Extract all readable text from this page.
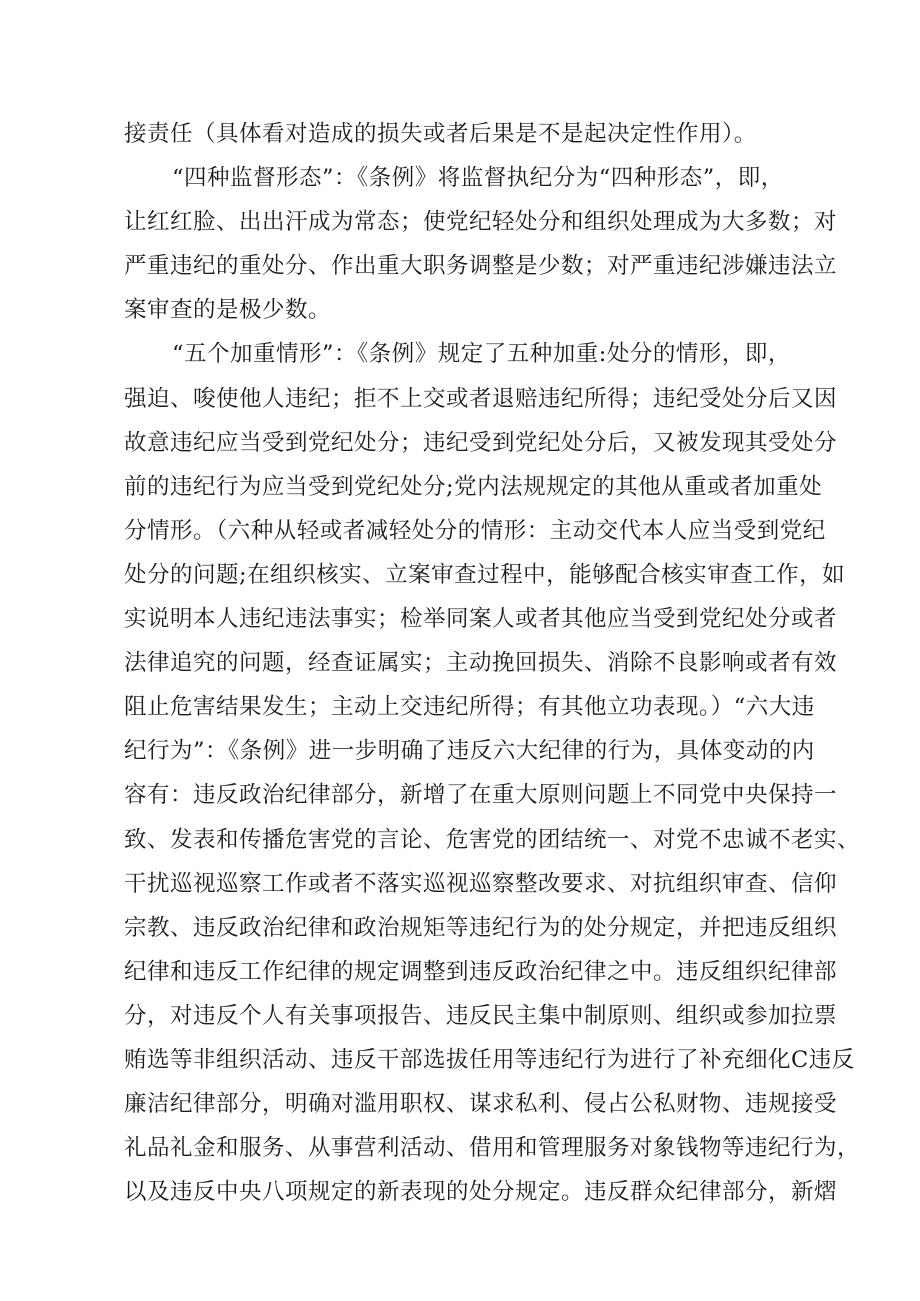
接责任（具体看对造成的损失或者后果是不是起决定性作用）。
“四种监督形态”：《条例》将监督执纪分为“四种形态”，即，
让红红脸、出出汗成为常态；使党纪轻处分和组织处理成为大多数；对
严重违纪的重处分、作出重大职务调整是少数；对严重违纪涉嫌违法立
案审查的是极少数。
“五个加重情形”：《条例》规定了五种加重:处分的情形，即，
强迫、唆使他人违纪；拒不上交或者退赔违纪所得；违纪受处分后又因
故意违纪应当受到党纪处分；违纪受到党纪处分后，又被发现其受处分
前的违纪行为应当受到党纪处分;党内法规规定的其他从重或者加重处
分情形。（六种从轻或者减轻处分的情形：主动交代本人应当受到党纪
处分的问题;在组织核实、立案审查过程中，能够配合核实审查工作，如
实说明本人违纪违法事实；检举同案人或者其他应当受到党纪处分或者
法律追究的问题，经查证属实；主动挽回损失、消除不良影响或者有效
阻止危害结果发生；主动上交违纪所得；有其他立功表现。）“六大违
纪行为”：《条例》进一步明确了违反六大纪律的行为，具体变动的内
容有：违反政治纪律部分，新增了在重大原则问题上不同党中央保持一
致、发表和传播危害党的言论、危害党的团结统一、对党不忠诚不老实、
干扰巡视巡察工作或者不落实巡视巡察整改要求、对抗组织审查、信仰
宗教、违反政治纪律和政治规矩等违纪行为的处分规定，并把违反组织
纪律和违反工作纪律的规定调整到违反政治纪律之中。违反组织纪律部
分，对违反个人有关事项报告、违反民主集中制原则、组织或参加拉票
贿选等非组织活动、违反干部选拔任用等违纪行为进行了补充细化C违反
廉洁纪律部分，明确对滥用职权、谋求私利、侵占公私财物、违规接受
礼品礼金和服务、从事营利活动、借用和管理服务对象钱物等违纪行为，
以及违反中央八项规定的新表现的处分规定。违反群众纪律部分，新熠
